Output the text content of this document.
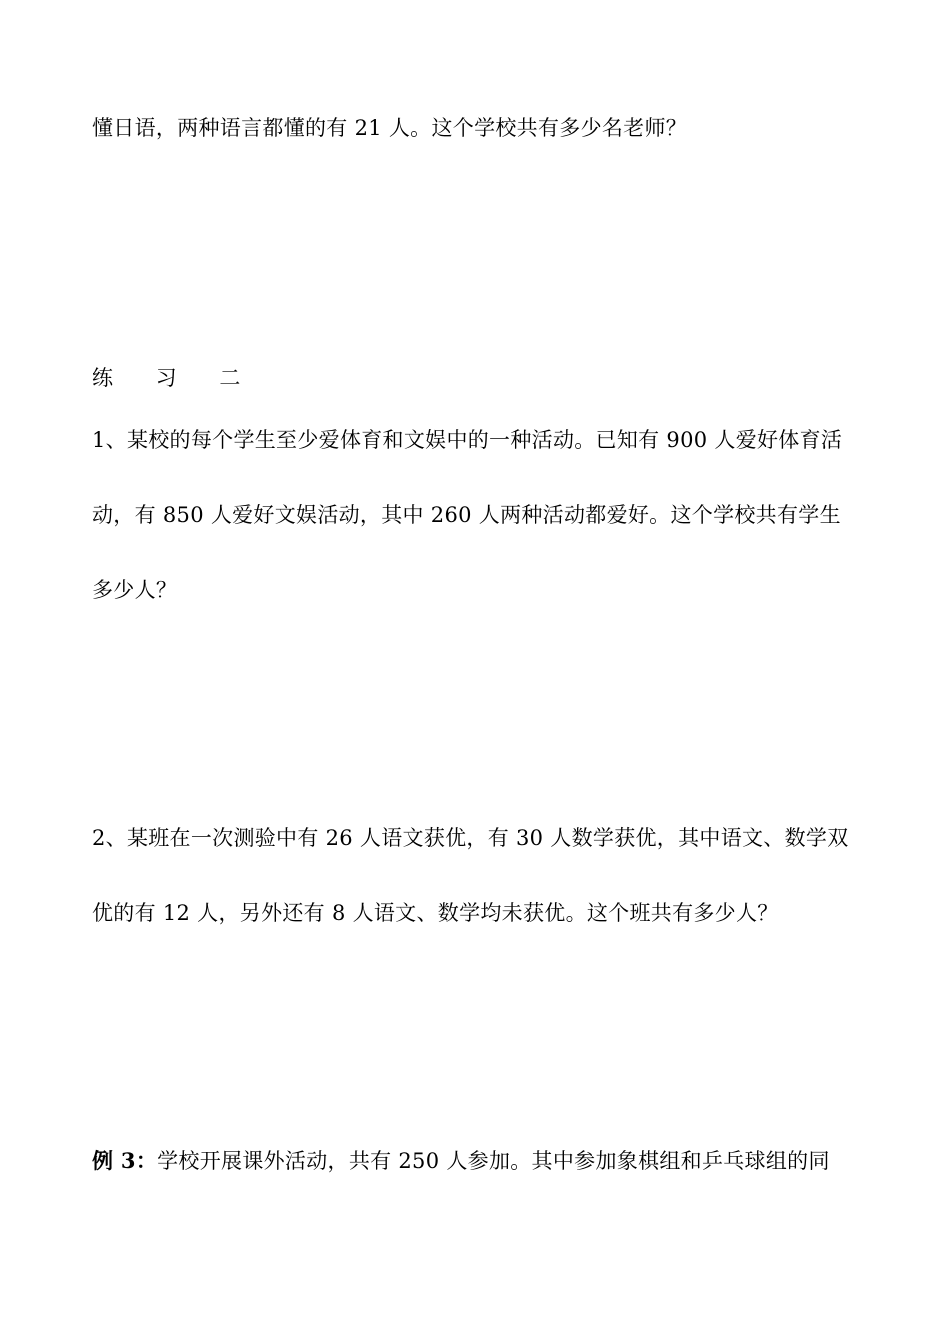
懂日语，两种语言都懂的有 21 人。这个学校共有多少名老师？
练 习 二
1、某校的每个学生至少爱体育和文娱中的一种活动。已知有 900 人爱好体育活
动，有 850 人爱好文娱活动，其中 260 人两种活动都爱好。这个学校共有学生
多少人？
2、某班在一次测验中有 26 人语文获优，有 30 人数学获优，其中语文、数学双
优的有 12 人，另外还有 8 人语文、数学均未获优。这个班共有多少人？
例 3：学校开展课外活动，共有 250 人参加。其中参加象棋组和乒乓球组的同
